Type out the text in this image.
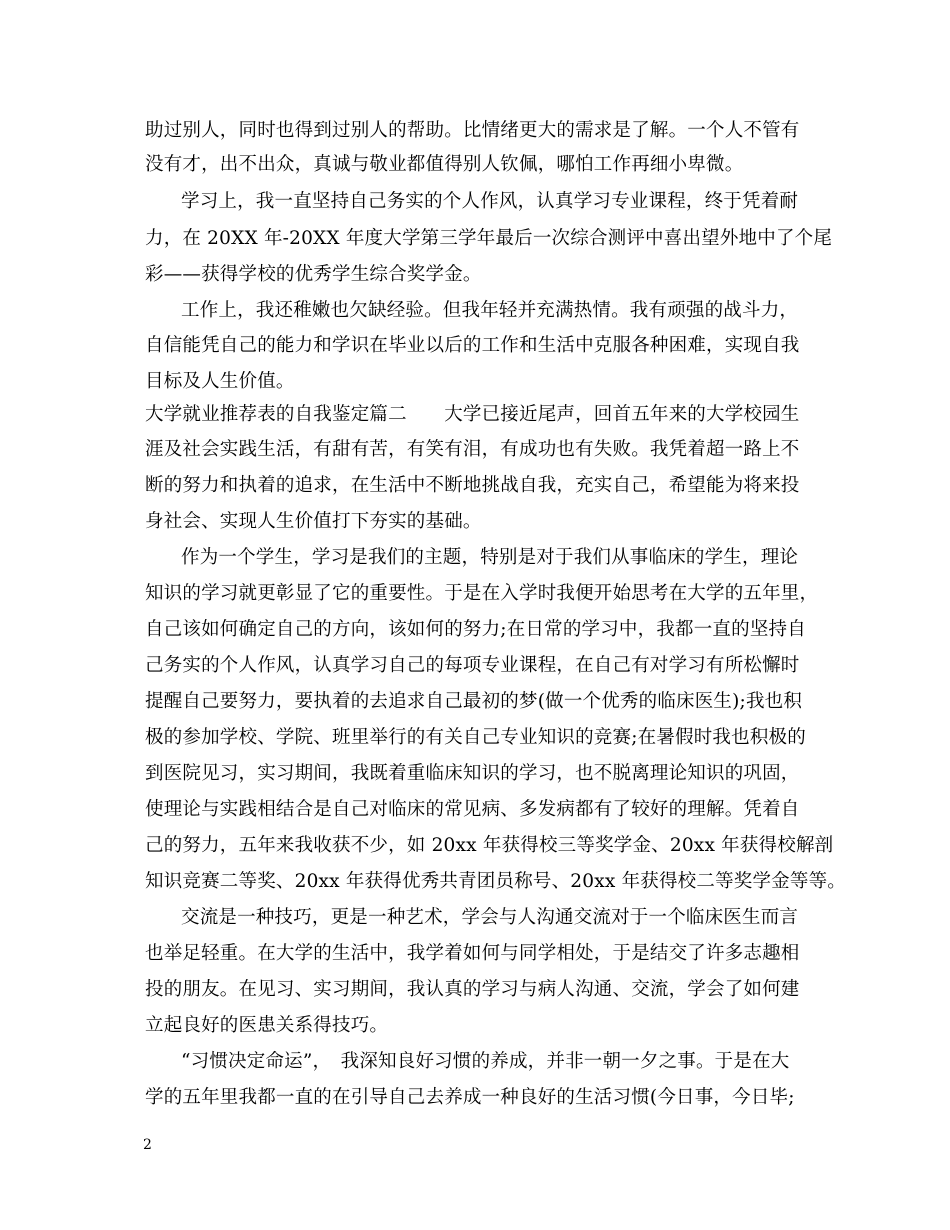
助过别人，同时也得到过别人的帮助。比情绪更大的需求是了解。一个人不管有
没有才，出不出众，真诚与敬业都值得别人钦佩，哪怕工作再细小卑微。
学习上，我一直坚持自己务实的个人作风，认真学习专业课程，终于凭着耐
力，在 20XX 年-20XX 年度大学第三学年最后一次综合测评中喜出望外地中了个尾
彩——获得学校的优秀学生综合奖学金。
工作上，我还稚嫩也欠缺经验。但我年轻并充满热情。我有顽强的战斗力，
自信能凭自己的能力和学识在毕业以后的工作和生活中克服各种困难，实现自我
目标及人生价值。
大学就业推荐表的自我鉴定篇二　　大学已接近尾声，回首五年来的大学校园生
涯及社会实践生活，有甜有苦，有笑有泪，有成功也有失败。我凭着超一路上不
断的努力和执着的追求，在生活中不断地挑战自我，充实自己，希望能为将来投
身社会、实现人生价值打下夯实的基础。
作为一个学生，学习是我们的主题，特别是对于我们从事临床的学生，理论
知识的学习就更彰显了它的重要性。于是在入学时我便开始思考在大学的五年里，
自己该如何确定自己的方向，该如何的努力;在日常的学习中，我都一直的坚持自
己务实的个人作风，认真学习自己的每项专业课程，在自己有对学习有所松懈时
提醒自己要努力，要执着的去追求自己最初的梦(做一个优秀的临床医生);我也积
极的参加学校、学院、班里举行的有关自己专业知识的竞赛;在暑假时我也积极的
到医院见习，实习期间，我既着重临床知识的学习，也不脱离理论知识的巩固，
使理论与实践相结合是自己对临床的常见病、多发病都有了较好的理解。凭着自
己的努力，五年来我收获不少，如 20xx 年获得校三等奖学金、20xx 年获得校解剖
知识竞赛二等奖、20xx 年获得优秀共青团员称号、20xx 年获得校二等奖学金等等。
交流是一种技巧，更是一种艺术，学会与人沟通交流对于一个临床医生而言
也举足轻重。在大学的生活中，我学着如何与同学相处，于是结交了许多志趣相
投的朋友。在见习、实习期间，我认真的学习与病人沟通、交流，学会了如何建
立起良好的医患关系得技巧。
“习惯决定命运”，　我深知良好习惯的养成，并非一朝一夕之事。于是在大
学的五年里我都一直的在引导自己去养成一种良好的生活习惯(今日事，今日毕;
2
